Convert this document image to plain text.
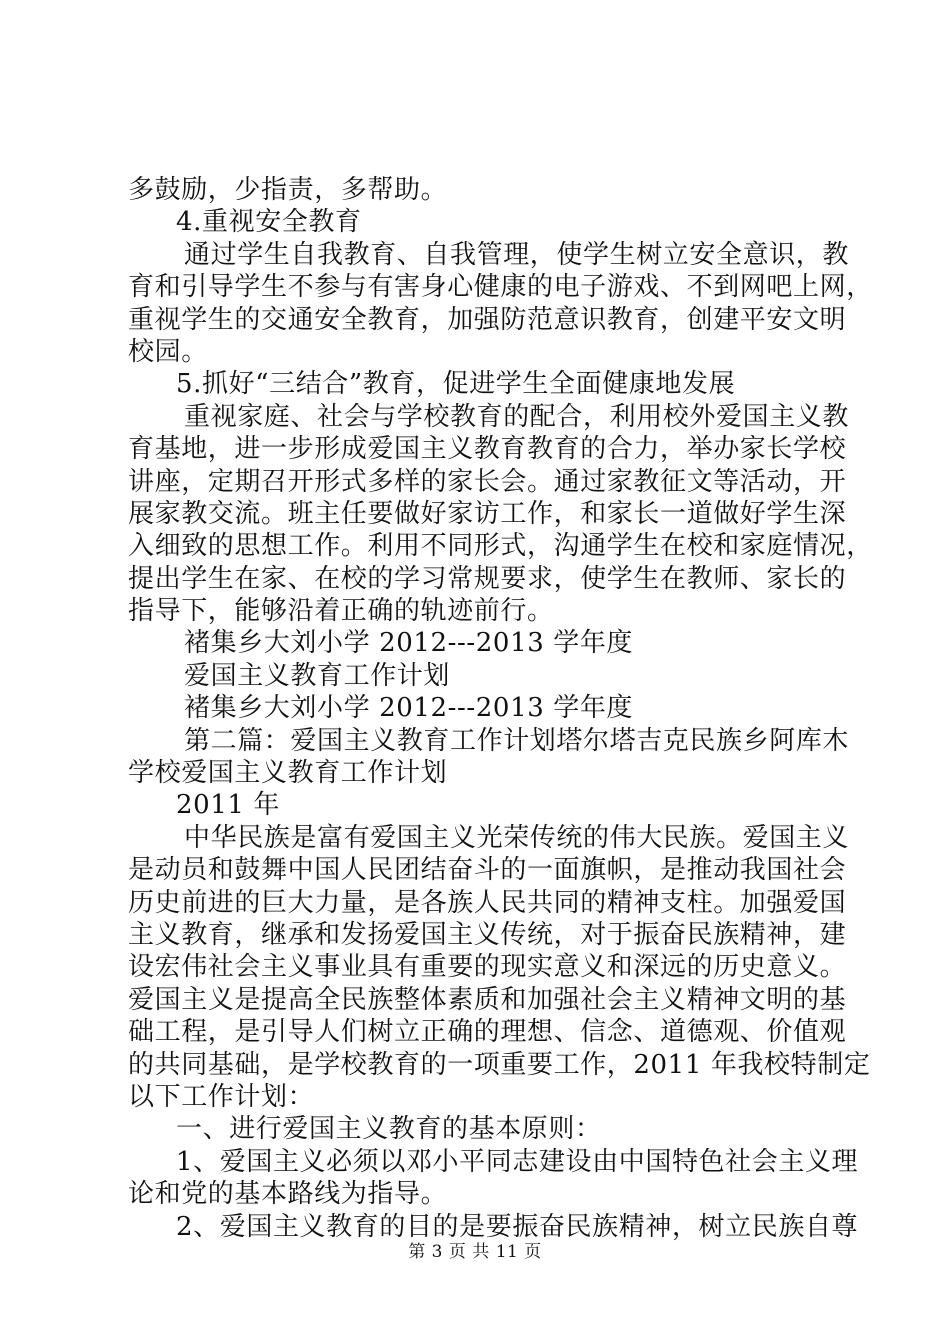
多鼓励，少指责，多帮助。
4.重视安全教育
通过学生自我教育、自我管理，使学生树立安全意识，教
育和引导学生不参与有害身心健康的电子游戏、不到网吧上网，
重视学生的交通安全教育，加强防范意识教育，创建平安文明
校园。
5.抓好“三结合”教育，促进学生全面健康地发展
重视家庭、社会与学校教育的配合，利用校外爱国主义教
育基地，进一步形成爱国主义教育教育的合力，举办家长学校
讲座，定期召开形式多样的家长会。通过家教征文等活动，开
展家教交流。班主任要做好家访工作，和家长一道做好学生深
入细致的思想工作。利用不同形式，沟通学生在校和家庭情况，
提出学生在家、在校的学习常规要求，使学生在教师、家长的
指导下，能够沿着正确的轨迹前行。
褚集乡大刘小学 2012---2013 学年度
爱国主义教育工作计划
褚集乡大刘小学 2012---2013 学年度
第二篇：爱国主义教育工作计划塔尔塔吉克民族乡阿库木
学校爱国主义教育工作计划
2011 年
中华民族是富有爱国主义光荣传统的伟大民族。爱国主义
是动员和鼓舞中国人民团结奋斗的一面旗帜，是推动我国社会
历史前进的巨大力量，是各族人民共同的精神支柱。加强爱国
主义教育，继承和发扬爱国主义传统，对于振奋民族精神，建
设宏伟社会主义事业具有重要的现实意义和深远的历史意义。
爱国主义是提高全民族整体素质和加强社会主义精神文明的基
础工程，是引导人们树立正确的理想、信念、道德观、价值观
的共同基础，是学校教育的一项重要工作，2011 年我校特制定
以下工作计划：
一、进行爱国主义教育的基本原则：
1、爱国主义必须以邓小平同志建设由中国特色社会主义理
论和党的基本路线为指导。
2、爱国主义教育的目的是要振奋民族精神，树立民族自尊
第 3 页 共 11 页
